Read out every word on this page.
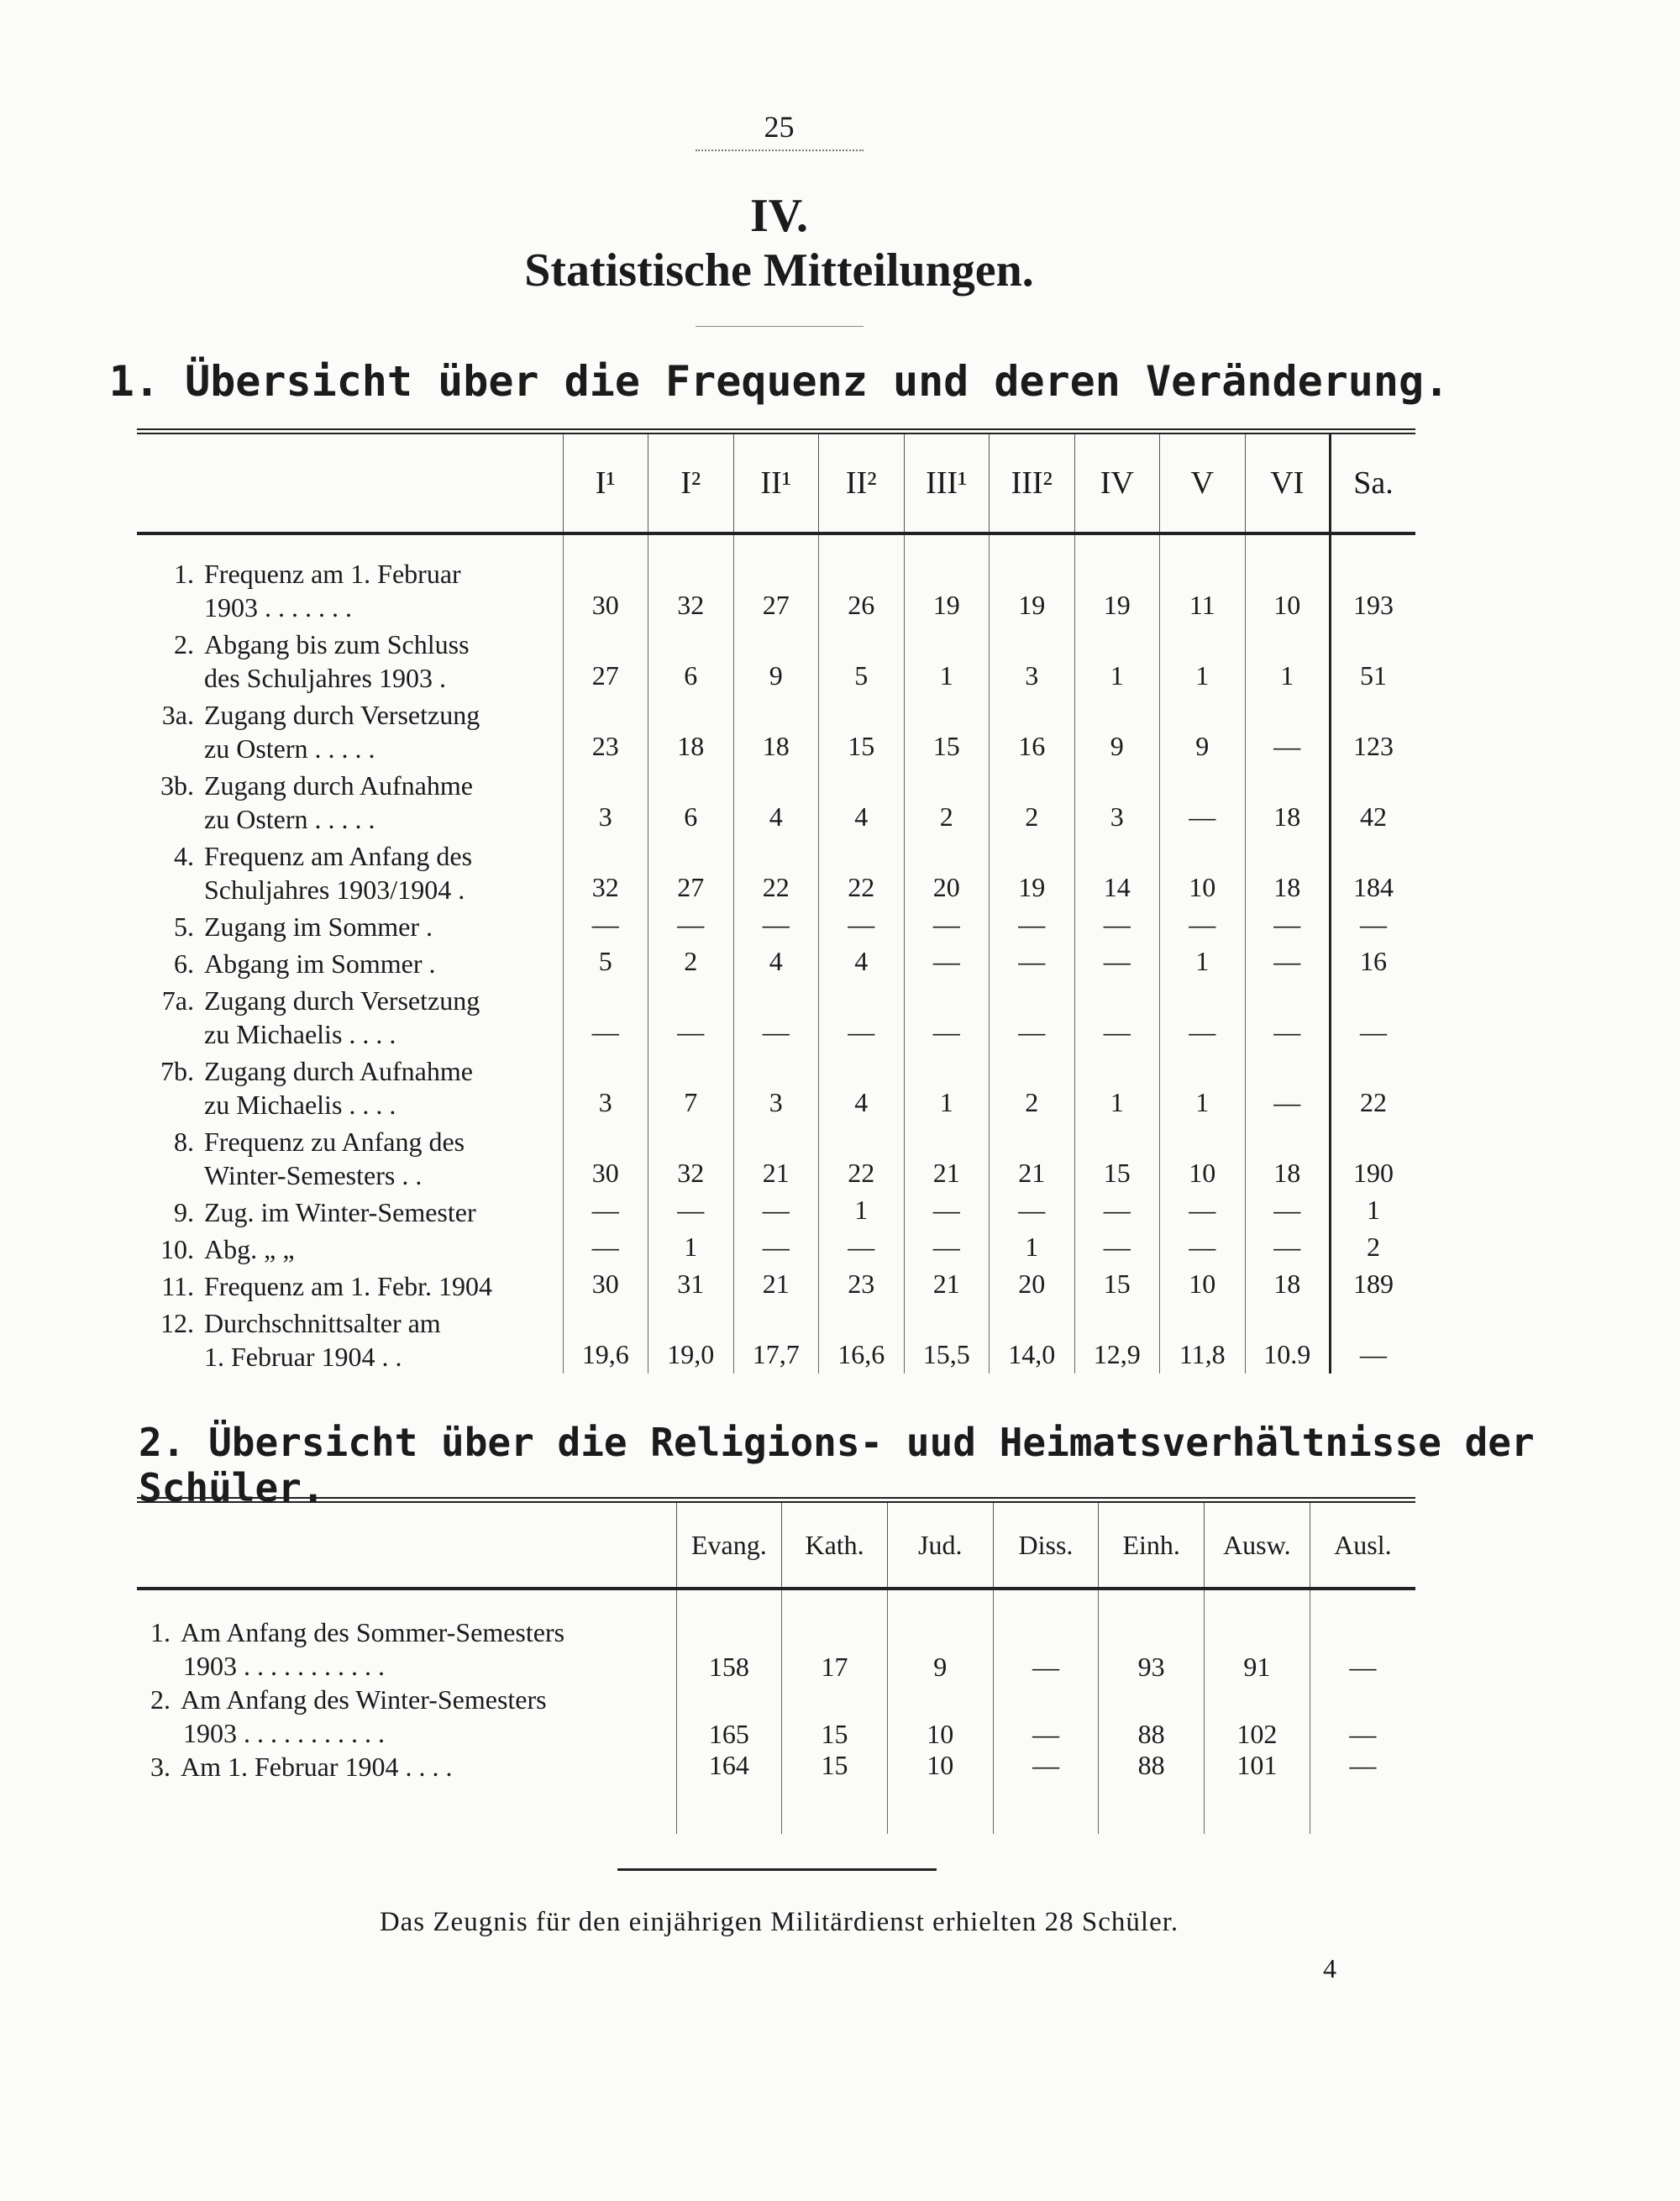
25
IV.
Statistische Mitteilungen.
1. Übersicht über die Frequenz und deren Veränderung.
	I¹	I²	II¹	II²	III¹	III²	IV	V	VI	Sa.

1. Frequenz am 1. Februar
1903 . . . . . . .	30	32	27	26	19	19	19	11	10	193

2. Abgang bis zum Schluss
des Schuljahres 1903 .	27	6	9	5	1	3	1	1	1	51

3a. Zugang durch Versetzung
zu Ostern . . . . .	23	18	18	15	15	16	9	9	—	123

3b. Zugang durch Aufnahme
zu Ostern . . . . .	3	6	4	4	2	2	3	—	18	42

4. Frequenz am Anfang des
Schuljahres 1903/1904 .	32	27	22	22	20	19	14	10	18	184

5. Zugang im Sommer .	—	—	—	—	—	—	—	—	—	—

6. Abgang im Sommer .	5	2	4	4	—	—	—	1	—	16

7a. Zugang durch Versetzung
zu Michaelis . . . .	—	—	—	—	—	—	—	—	—	—

7b. Zugang durch Aufnahme
zu Michaelis . . . .	3	7	3	4	1	2	1	1	—	22

8. Frequenz zu Anfang des
Winter-Semesters . .	30	32	21	22	21	21	15	10	18	190

9. Zug. im Winter-Semester	—	—	—	1	—	—	—	—	—	1

10. Abg. „ „	—	1	—	—	—	1	—	—	—	2

11. Frequenz am 1. Febr. 1904	30	31	21	23	21	20	15	10	18	189

12. Durchschnittsalter am
1. Februar 1904 . .	19,6	19,0	17,7	16,6	15,5	14,0	12,9	11,8	10.9	—
2. Übersicht über die Religions- uud Heimatsverhältnisse der Schüler.
	Evang.	Kath.	Jud.	Diss.	Einh.	Ausw.	Ausl.

1. Am Anfang des Sommer-Semesters
1903 . . . . . . . . . . .	158	17	9	—	93	91	—

2. Am Anfang des Winter-Semesters
1903 . . . . . . . . . . .	165	15	10	—	88	102	—

3. Am 1. Februar 1904 . . . .	164	15	10	—	88	101	—
Das Zeugnis für den einjährigen Militärdienst erhielten 28 Schüler.
4
